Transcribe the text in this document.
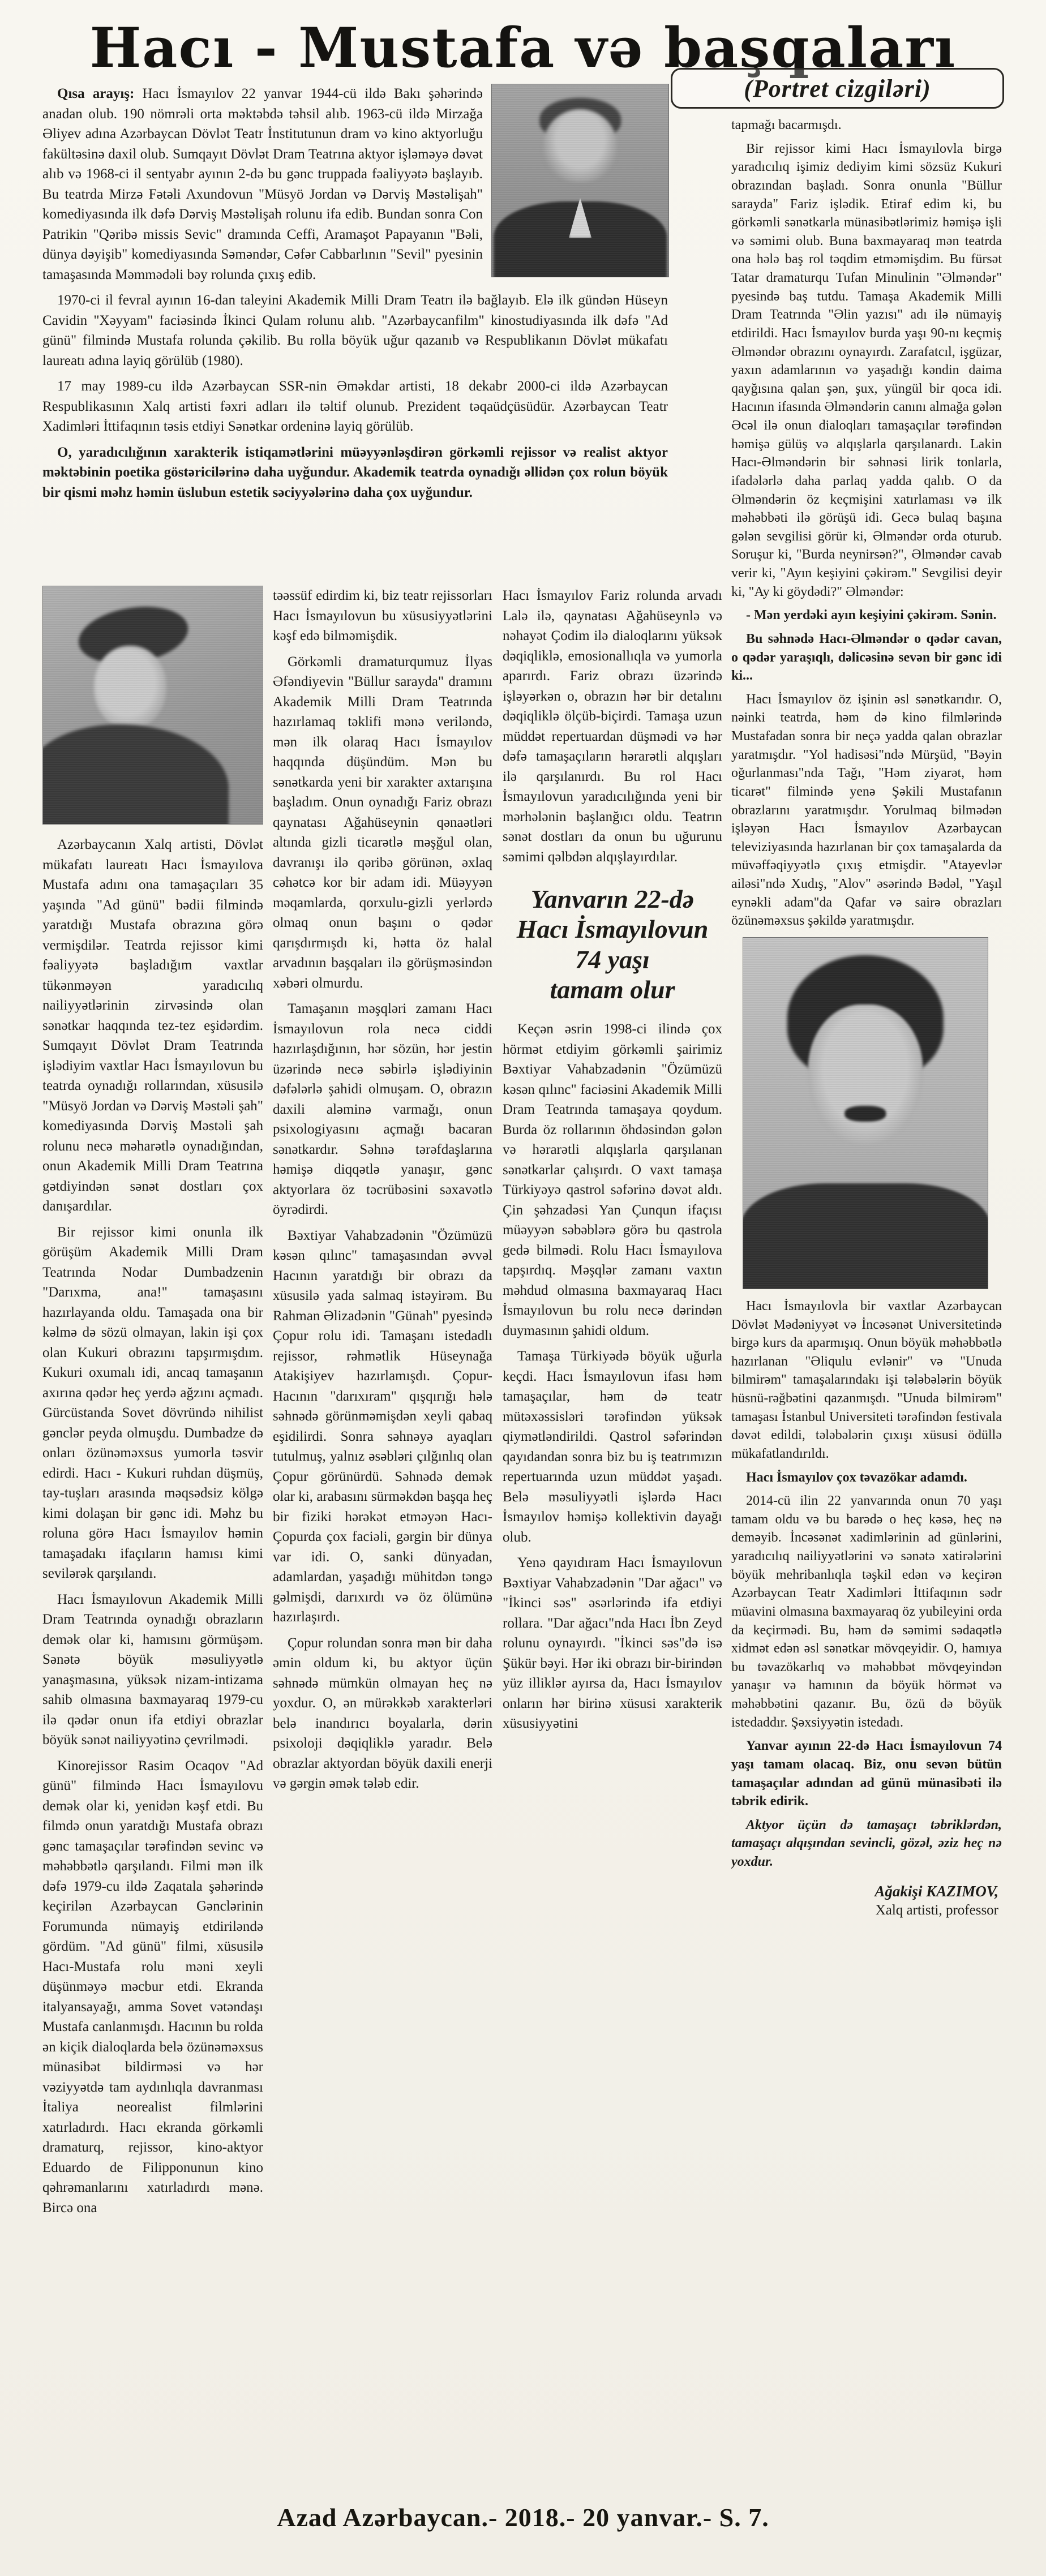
Hacı - Mustafa və başqaları
(Portret cizgiləri)

Qısa arayış: Hacı İsmayılov 22 yanvar 1944-cü ildə Bakı şəhərində anadan olub. 190 nömrəli orta məktəbdə təhsil alıb. 1963-cü ildə Mirzağa Əliyev adına Azərbaycan Dövlət Teatr İnstitutunun dram və kino aktyorluğu fakültəsinə daxil olub. Sumqayıt Dövlət Dram Teatrına aktyor işləməyə dəvət alıb və 1968-ci il sentyabr ayının 2-də bu gənc truppada fəaliyyətə başlayıb. Bu teatrda Mirzə Fətəli Axundovun "Müsyö Jordan və Dərviş Məstəlişah" komediyasında ilk dəfə Dərviş Məstəlişah rolunu ifa edib. Bundan sonra Con Patrikin "Qəribə missis Sevic" dramında Ceffi, Aramaşot Papayanın "Bəli, dünya dəyişib" komediyasında Səməndər, Cəfər Cabbarlının "Sevil" pyesinin tamaşasında Məmmədəli bəy rolunda çıxış edib.

1970-ci il fevral ayının 16-dan taleyini Akademik Milli Dram Teatrı ilə bağlayıb. Elə ilk gündən Hüseyn Cavidin "Xəyyam" faciəsində İkinci Qulam rolunu alıb. "Azərbaycanfilm" kinostudiyasında ilk dəfə "Ad günü" filmində Mustafa rolunda çəkilib. Bu rolla böyük uğur qazanıb və Respublikanın Dövlət mükafatı laureatı adına layiq görülüb (1980).

17 may 1989-cu ildə Azərbaycan SSR-nin Əməkdar artisti, 18 dekabr 2000-ci ildə Azərbaycan Respublikasının Xalq artisti fəxri adları ilə təltif olunub. Prezident təqaüdçüsüdür. Azərbaycan Teatr Xadimləri İttifaqının təsis etdiyi Sənətkar ordeninə layiq görülüb.

O, yaradıcılığının xarakterik istiqamətlərini müəyyənləşdirən görkəmli rejissor və realist aktyor məktəbinin poetika göstəricilərinə daha uyğundur. Akademik teatrda oynadığı əllidən çox rolun böyük bir qismi məhz həmin üslubun estetik səciyyələrinə daha çox uyğundur.

Azərbaycanın Xalq artisti, Dövlət mükafatı laureatı Hacı İsmayılova Mustafa adını ona tamaşaçıları 35 yaşında "Ad günü" bədii filmində yaratdığı Mustafa obrazına görə vermişdilər. Teatrda rejissor kimi fəaliyyətə başladığım vaxtlar tükənməyən yaradıcılıq nailiyyətlərinin zirvəsində olan sənətkar haqqında tez-tez eşidərdim. Sumqayıt Dövlət Dram Teatrında işlədiyim vaxtlar Hacı İsmayılovun bu teatrda oynadığı rollarından, xüsusilə "Müsyö Jordan və Dərviş Məstəli şah" komediyasında Dərviş Məstəli şah rolunu necə məharətlə oynadığından, onun Akademik Milli Dram Teatrına gətdiyindən sənət dostları çox danışardılar.

Bir rejissor kimi onunla ilk görüşüm Akademik Milli Dram Teatrında Nodar Dumbadzenin "Darıxma, ana!" tamaşasını hazırlayanda oldu. Tamaşada ona bir kəlmə də sözü olmayan, lakin işi çox olan Kukuri obrazını tapşırmışdım. Kukuri oxumalı idi, ancaq tamaşanın axırına qədər heç yerdə ağzını açmadı. Gürcüstanda Sovet dövründə nihilist gənclər peyda olmuşdu. Dumbadze də onları özünəməxsus yumorla təsvir edirdi. Hacı - Kukuri ruhdan düşmüş, tay-tuşları arasında məqsədsiz kölgə kimi dolaşan bir gənc idi. Məhz bu roluna görə Hacı İsmayılov həmin tamaşadakı ifaçıların hamısı kimi sevilərək qarşılandı.

Hacı İsmayılovun Akademik Milli Dram Teatrında oynadığı obrazların demək olar ki, hamısını görmüşəm. Sənətə böyük məsuliyyətlə yanaşmasına, yüksək nizam-intizama sahib olmasına baxmayaraq 1979-cu ilə qədər onun ifa etdiyi obrazlar böyük sənət nailiyyətinə çevrilmədi.

Kinorejissor Rasim Ocaqov "Ad günü" filmində Hacı İsmayılovu demək olar ki, yenidən kəşf etdi. Bu filmdə onun yaratdığı Mustafa obrazı gənc tamaşaçılar tərəfindən sevinc və məhəbbətlə qarşılandı. Filmi mən ilk dəfə 1979-cu ildə Zaqatala şəhərində keçirilən Azərbaycan Gənclərinin Forumunda nümayiş etdiriləndə gördüm. "Ad günü" filmi, xüsusilə Hacı-Mustafa rolu məni xeyli düşünməyə məcbur etdi. Ekranda italyansayağı, amma Sovet vətəndaşı Mustafa canlanmışdı. Hacının bu rolda ən kiçik dialoqlarda belə özünəməxsus münasibət bildirməsi və hər vəziyyətdə tam aydınlıqla davranması İtaliya neorealist filmlərini xatırladırdı. Hacı ekranda görkəmli dramaturq, rejissor, kino-aktyor Eduardo de Filipponunun kino qəhrəmanlarını xatırladırdı mənə. Bircə ona

təəssüf edirdim ki, biz teatr rejissorları Hacı İsmayılovun bu xüsusiyyətlərini kəşf edə bilməmişdik.

Görkəmli dramaturqumuz İlyas Əfəndiyevin "Büllur sarayda" dramını Akademik Milli Dram Teatrında hazırlamaq təklifi mənə veriləndə, mən ilk olaraq Hacı İsmayılov haqqında düşündüm. Mən bu sənətkarda yeni bir xarakter axtarışına başladım. Onun oynadığı Fariz obrazı qaynatası Ağahüseynin qənaətləri altında gizli ticarətlə məşğul olan, davranışı ilə qəribə görünən, əxlaq cəhətcə kor bir adam idi. Müəyyən məqamlarda, qorxulu-gizli yerlərdə olmaq onun başını o qədər qarışdırmışdı ki, hətta öz halal arvadının başqaları ilə görüşməsindən xəbəri olmurdu.

Tamaşanın məşqləri zamanı Hacı İsmayılovun rola necə ciddi hazırlaşdığının, hər sözün, hər jestin üzərində necə səbirlə işlədiyinin dəfələrlə şahidi olmuşam. O, obrazın daxili aləminə varmağı, onun psixologiyasını açmağı bacaran sənətkardır. Səhnə tərəfdaşlarına həmişə diqqətlə yanaşır, gənc aktyorlara öz təcrübəsini səxavətlə öyrədirdi.

Bəxtiyar Vahabzadənin "Özümüzü kəsən qılınc" tamaşasından əvvəl Hacının yaratdığı bir obrazı da xüsusilə yada salmaq istəyirəm. Bu Rahman Əlizadənin "Günah" pyesində Çopur rolu idi. Tamaşanı istedadlı rejissor, rəhmətlik Hüseynağa Atakişiyev hazırlamışdı. Çopur-Hacının "darıxıram" qışqırığı hələ səhnədə görünməmişdən xeyli qabaq eşidilirdi. Sonra səhnəyə ayaqları tutulmuş, yalnız əsəbləri çılğınlıq olan Çopur görünürdü. Səhnədə demək olar ki, arabasını sürməkdən başqa heç bir fiziki hərəkət etməyən Hacı-Çopurda çox faciəli, gərgin bir dünya var idi. O, sanki dünyadan, adamlardan, yaşadığı mühitdən təngə gəlmişdi, darıxırdı və öz ölümünə hazırlaşırdı.

Çopur rolundan sonra mən bir daha əmin oldum ki, bu aktyor üçün səhnədə mümkün olmayan heç nə yoxdur. O, ən mürəkkəb xarakterləri belə inandırıcı boyalarla, dərin psixoloji dəqiqliklə yaradır. Belə obrazlar aktyordan böyük daxili enerji və gərgin əmək tələb edir.

Hacı İsmayılov Fariz rolunda arvadı Lalə ilə, qaynatası Ağahüseynlə və nəhayət Çodim ilə dialoqlarını yüksək dəqiqliklə, emosionallıqla və yumorla aparırdı. Fariz obrazı üzərində işləyərkən o, obrazın hər bir detalını dəqiqliklə ölçüb-biçirdi. Tamaşa uzun müddət repertuardan düşmədi və hər dəfə tamaşaçıların hərarətli alqışları ilə qarşılanırdı. Bu rol Hacı İsmayılovun yaradıcılığında yeni bir mərhələnin başlanğıcı oldu. Teatrın sənət dostları da onun bu uğurunu səmimi qəlbdən alqışlayırdılar.

Yanvarın 22-də

Hacı İsmayılovun

74 yaşı

tamam olur

Keçən əsrin 1998-ci ilində çox hörmət etdiyim görkəmli şairimiz Bəxtiyar Vahabzadənin "Özümüzü kəsən qılınc" faciəsini Akademik Milli Dram Teatrında tamaşaya qoydum. Burda öz rollarının öhdəsindən gələn və hərarətli alqışlarla qarşılanan sənətkarlar çalışırdı. O vaxt tamaşa Türkiyəyə qastrol səfərinə dəvət aldı. Çin şəhzadəsi Yan Çunqun ifaçısı müəyyən səbəblərə görə bu qastrola gedə bilmədi. Rolu Hacı İsmayılova tapşırdıq. Məşqlər zamanı vaxtın məhdud olmasına baxmayaraq Hacı İsmayılovun bu rolu necə dərindən duymasının şahidi oldum.

Tamaşa Türkiyədə böyük uğurla keçdi. Hacı İsmayılovun ifası həm tamaşaçılar, həm də teatr mütəxəssisləri tərəfindən yüksək qiymətləndirildi. Qastrol səfərindən qayıdandan sonra biz bu iş teatrımızın repertuarında uzun müddət yaşadı. Belə məsuliyyətli işlərdə Hacı İsmayılov həmişə kollektivin dayağı olub.

Yenə qayıdıram Hacı İsmayılovun Bəxtiyar Vahabzadənin "Dar ağacı" və "İkinci səs" əsərlərində ifa etdiyi rollara. "Dar ağacı"nda Hacı İbn Zeyd rolunu oynayırdı. "İkinci səs"də isə Şükür bəyi. Hər iki obrazı bir-birindən yüz illiklər ayırsa da, Hacı İsmayılov onların hər birinə xüsusi xarakterik xüsusiyyətini

tapmağı bacarmışdı.

Bir rejissor kimi Hacı İsmayılovla birgə yaradıcılıq işimiz dediyim kimi sözsüz Kukuri obrazından başladı. Sonra onunla "Büllur sarayda" Fariz işlədik. Etiraf edim ki, bu görkəmli sənətkarla münasibətlərimiz həmişə işli və səmimi olub. Buna baxmayaraq mən teatrda ona hələ baş rol təqdim etməmişdim. Bu fürsət Tatar dramaturqu Tufan Minulinin "Əlməndər" pyesində baş tutdu. Tamaşa Akademik Milli Dram Teatrında "Əlin yazısı" adı ilə nümayiş etdirildi. Hacı İsmayılov burda yaşı 90-nı keçmiş Əlməndər obrazını oynayırdı. Zarafatcıl, işgüzar, yaxın adamlarının və yaşadığı kəndin daima qayğısına qalan şən, şux, yüngül bir qoca idi. Hacının ifasında Əlməndərin canını almağa gələn Əcəl ilə onun dialoqları tamaşaçılar tərəfindən həmişə gülüş və alqışlarla qarşılanardı. Lakin Hacı-Əlməndərin bir səhnəsi lirik tonlarla, ifadələrlə daha parlaq yadda qalıb. O da Əlməndərin öz keçmişini xatırlaması və ilk məhəbbəti ilə görüşü idi. Gecə bulaq başına gələn sevgilisi görür ki, Əlməndər orda oturub. Soruşur ki, "Burda neynirsən?", Əlməndər cavab verir ki, "Ayın keşiyini çəkirəm." Sevgilisi deyir ki, "Ay ki göydədi?" Əlməndər:

- Mən yerdəki ayın keşiyini çəkirəm. Sənin.

Bu səhnədə Hacı-Əlməndər o qədər cavan, o qədər yaraşıqlı, dəlicəsinə sevən bir gənc idi ki...

Hacı İsmayılov öz işinin əsl sənətkarıdır. O, nəinki teatrda, həm də kino filmlərində Mustafadan sonra bir neçə yadda qalan obrazlar yaratmışdır. "Yol hadisəsi"ndə Mürşüd, "Bəyin oğurlanması"nda Tağı, "Həm ziyarət, həm ticarət" filmində yenə Şəkili Mustafanın obrazlarını yaratmışdır. Yorulmaq bilmədən işləyən Hacı İsmayılov Azərbaycan televiziyasında hazırlanan bir çox tamaşalarda da müvəffəqiyyətlə çıxış etmişdir. "Atayevlər ailəsi"ndə Xudış, "Alov" əsərində Bədəl, "Yaşıl eynəkli adam"da Qafar və sairə obrazları özünəməxsus şəkildə yaratmışdır.

Hacı İsmayılovla bir vaxtlar Azərbaycan Dövlət Mədəniyyət və İncəsənət Universitetində birgə kurs da aparmışıq. Onun böyük məhəbbətlə hazırlanan "Əliqulu evlənir" və "Unuda bilmirəm" tamaşalarındakı işi tələbələrin böyük hüsnü-rəğbətini qazanmışdı. "Unuda bilmirəm" tamaşası İstanbul Universiteti tərəfindən festivala dəvət edildi, tələbələrin çıxışı xüsusi ödüllə mükafatlandırıldı.

Hacı İsmayılov çox təvazökar adamdı.

2014-cü ilin 22 yanvarında onun 70 yaşı tamam oldu və bu barədə o heç kəsə, heç nə deməyib. İncəsənət xadimlərinin ad günlərini, yaradıcılıq nailiyyətlərini və sənətə xatirələrini böyük mehribanlıqla təşkil edən və keçirən Azərbaycan Teatr Xadimləri İttifaqının sədr müavini olmasına baxmayaraq öz yubileyini orda da keçirmədi. Bu, həm də səmimi sədaqətlə xidmət edən əsl sənətkar mövqeyidir. O, hamıya bu təvazökarlıq və məhəbbət mövqeyindən yanaşır və hamının da böyük hörmət və məhəbbətini qazanır. Bu, özü də böyük istedaddır. Şəxsiyyətin istedadı.

Yanvar ayının 22-də Hacı İsmayılovun 74 yaşı tamam olacaq. Biz, onu sevən bütün tamaşaçılar adından ad günü münasibəti ilə təbrik edirik.

Aktyor üçün də tamaşaçı təbriklərdən, tamaşaçı alqışından sevincli, gözəl, əziz heç nə yoxdur.

Ağakişi KAZIMOV,
Xalq artisti, professor
Azad Azərbaycan.- 2018.- 20 yanvar.- S. 7.
